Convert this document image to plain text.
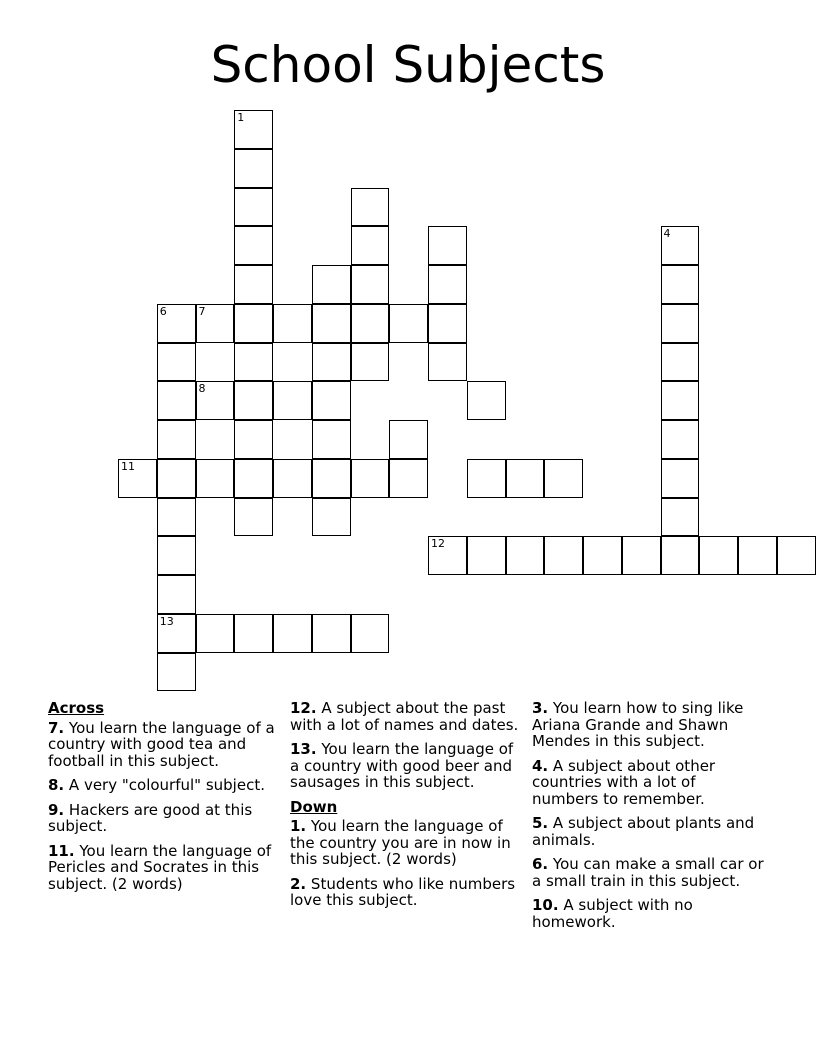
School Subjects
1
4
6
13
7
8
11
12

Across

7. You learn the language of a country with good tea and football in this subject.

8. A very "colourful" subject.

9. Hackers are good at this subject.

11. You learn the language of Pericles and Socrates in this subject. (2 words)

12. A subject about the past with a lot of names and dates.

13. You learn the language of a country with good beer and sausages in this subject.

Down

1. You learn the language of the country you are in now in this subject. (2 words)

2. Students who like numbers love this subject.

3. You learn how to sing like Ariana Grande and Shawn Mendes in this subject.

4. A subject about other countries with a lot of numbers to remember.

5. A subject about plants and animals.

6. You can make a small car or a small train in this subject.

10. A subject with no homework.
